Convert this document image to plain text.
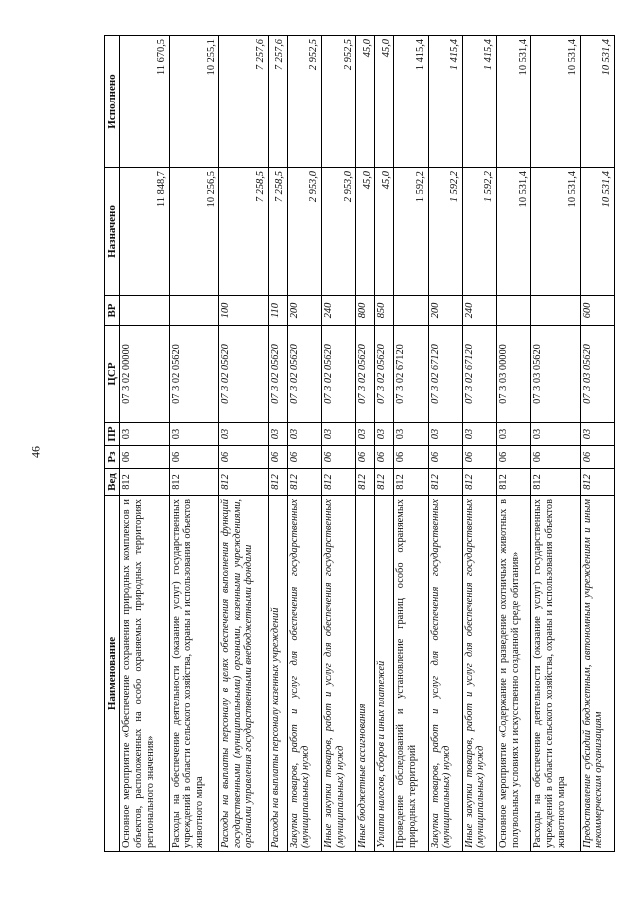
46
Наименование	Вед	Рз	ПР	ЦСР	ВР	Назначено	Исполнено
Основное мероприятие «Обеспечение сохранения природных комплексов и объектов, расположенных на особо охраняемых природных территориях регионального значения»	812	06	03	07 3 02 00000		11 848,7	11 670,5
Расходы на обеспечение деятельности (оказание услуг) государственных учреждений в области сельского хозяйства, охраны и использования объектов животного мира	812	06	03	07 3 02 05620		10 256,5	10 255,1
Расходы на выплаты персоналу в целях обеспечения выполнения функций государственными (муниципальными) органами, казенными учреждениями, органами управления государственными внебюджетными фондами	812	06	03	07 3 02 05620	100	7 258,5	7 257,6
Расходы на выплаты персоналу казенных учреждений	812	06	03	07 3 02 05620	110	7 258,5	7 257,6
Закупка товаров, работ и услуг для обеспечения государственных (муниципальных) нужд	812	06	03	07 3 02 05620	200	2 953,0	2 952,5
Иные закупки товаров, работ и услуг для обеспечения государственных (муниципальных) нужд	812	06	03	07 3 02 05620	240	2 953,0	2 952,5
Иные бюджетные ассигнования	812	06	03	07 3 02 05620	800	45,0	45,0
Уплата налогов, сборов и иных платежей	812	06	03	07 3 02 05620	850	45,0	45,0
Проведение обследований и установление границ особо охраняемых природных территорий	812	06	03	07 3 02 67120		1 592,2	1 415,4
Закупка товаров, работ и услуг для обеспечения государственных (муниципальных) нужд	812	06	03	07 3 02 67120	200	1 592,2	1 415,4
Иные закупки товаров, работ и услуг для обеспечения государственных (муниципальных) нужд	812	06	03	07 3 02 67120	240	1 592,2	1 415,4
Основное мероприятие «Содержание и разведение охотничьих животных в полувольных условиях и искусственно созданной среде обитания»	812	06	03	07 3 03 00000		10 531,4	10 531,4
Расходы на обеспечение деятельности (оказание услуг) государственных учреждений в области сельского хозяйства, охраны и использования объектов животного мира	812	06	03	07 3 03 05620		10 531,4	10 531,4
Предоставление субсидий бюджетным, автономным учреждениям и иным некоммерческим организациям	812	06	03	07 3 03 05620	600	10 531,4	10 531,4
